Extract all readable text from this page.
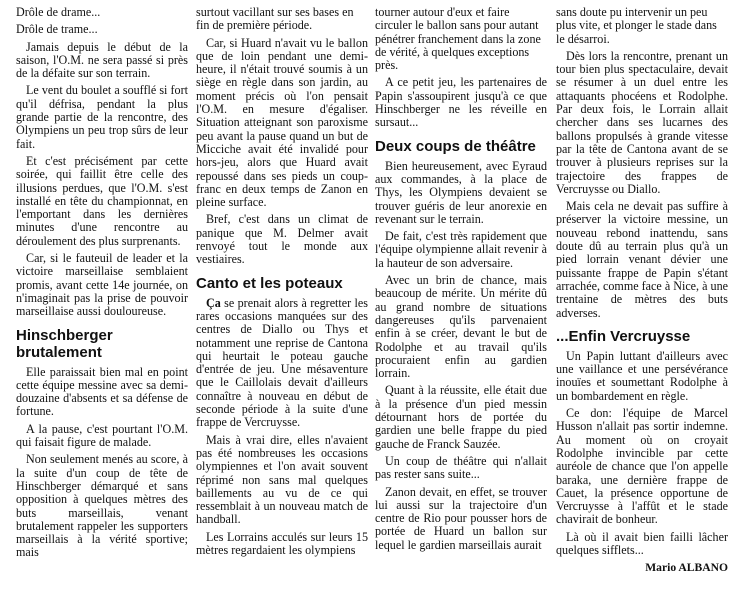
Drôle de drame...

Drôle de trame...

Jamais depuis le début de la saison, l'O.M. ne sera passé si près de la défaite sur son terrain.

Le vent du boulet a soufflé si fort qu'il défrisa, pendant la plus grande partie de la rencontre, des Olympiens un peu trop sûrs de leur fait.

Et c'est précisément par cette soirée, qui faillit être celle des illusions perdues, que l'O.M. s'est installé en tête du championnat, en l'emportant dans les dernières minutes d'une rencontre au déroulement des plus surprenants.

Car, si le fauteuil de leader et la victoire marseillaise semblaient promis, avant cette 14e journée, on n'imaginait pas la prise de pouvoir marseillaise aussi douloureuse.

Hinschberger brutalement

Elle paraissait bien mal en point cette équipe messine avec sa demi-douzaine d'absents et sa défense de fortune.

A la pause, c'est pourtant l'O.M. qui faisait figure de malade.

Non seulement menés au score, à la suite d'un coup de tête de Hinschberger démarqué et sans opposition à quelques mètres des buts marseillais, venant brutalement rappeler les supporters marseillais à la vérité sportive; mais

surtout vacillant sur ses bases en fin de première période.

Car, si Huard n'avait vu le ballon que de loin pendant une demi-heure, il n'était trouvé soumis à un siège en règle dans son jardin, au moment précis où l'on pensait l'O.M. en mesure d'égaliser. Situation atteignant son paroxisme peu avant la pause quand un but de Micciche avait été invalidé pour hors-jeu, alors que Huard avait repoussé dans ses pieds un coup-franc en deux temps de Zanon en pleine surface.

Bref, c'est dans un climat de panique que M. Delmer avait renvoyé tout le monde aux vestiaires.

Canto et les poteaux

Ça se prenait alors à regretter les rares occasions manquées sur des centres de Diallo ou Thys et notamment une reprise de Cantona qui heurtait le poteau gauche d'entrée de jeu. Une mésaventure que le Caillolais devait d'ailleurs connaître à nouveau en début de seconde période à la suite d'une frappe de Vercruysse.

Mais à vrai dire, elles n'avaient pas été nombreuses les occasions olympiennes et l'on avait souvent réprimé non sans mal quelques baillements au vu de ce qui ressemblait à un nouveau match de handball.

Les Lorrains acculés sur leurs 15 mètres regardaient les olympiens

tourner autour d'eux et faire circuler le ballon sans pour autant pénétrer franchement dans la zone de vérité, à quelques exceptions près.

A ce petit jeu, les partenaires de Papin s'assoupirent jusqu'à ce que Hinschberger ne les réveille en sursaut...

Deux coups de théâtre

Bien heureusement, avec Eyraud aux commandes, à la place de Thys, les Olympiens devaient se trouver guéris de leur anorexie en revenant sur le terrain.

De fait, c'est très rapidement que l'équipe olympienne allait revenir à la hauteur de son adversaire.

Avec un brin de chance, mais beaucoup de mérite. Un mérite dû au grand nombre de situations dangereuses qu'ils parvenaient enfin à se créer, devant le but de Rodolphe et au travail qu'ils procuraient enfin au gardien lorrain.

Quant à la réussite, elle était due à la présence d'un pied messin détournant hors de portée du gardien une belle frappe du pied gauche de Franck Sauzée.

Un coup de théâtre qui n'allait pas rester sans suite...

Zanon devait, en effet, se trouver lui aussi sur la trajectoire d'un centre de Rio pour pousser hors de portée de Huard un ballon sur lequel le gardien marseillais aurait

sans doute pu intervenir un peu plus vite, et plonger le stade dans le désarroi.

Dès lors la rencontre, prenant un tour bien plus spectaculaire, devait se résumer à un duel entre les attaquants phocéens et Rodolphe. Par deux fois, le Lorrain allait chercher dans ses lucarnes des ballons propulsés à grande vitesse par la tête de Cantona avant de se trouver à plusieurs reprises sur la trajectoire des frappes de Vercruysse ou Diallo.

Mais cela ne devait pas suffire à préserver la victoire messine, un nouveau rebond inattendu, sans doute dû au terrain plus qu'à un pied lorrain venant dévier une puissante frappe de Papin s'étant arrachée, comme face à Nice, à une trentaine de mètres des buts adverses.

...Enfin Vercruysse

Un Papin luttant d'ailleurs avec une vaillance et une persévérance inouïes et soumettant Rodolphe à un bombardement en règle.

Ce don: l'équipe de Marcel Husson n'allait pas sortir indemne. Au moment où on croyait Rodolphe invincible par cette auréole de chance que l'on appelle baraka, une dernière frappe de Cauet, la présence opportune de Vercruysse à l'affût et le stade chavirait de bonheur.

Là où il avait bien failli lâcher quelques sifflets...

Mario ALBANO
